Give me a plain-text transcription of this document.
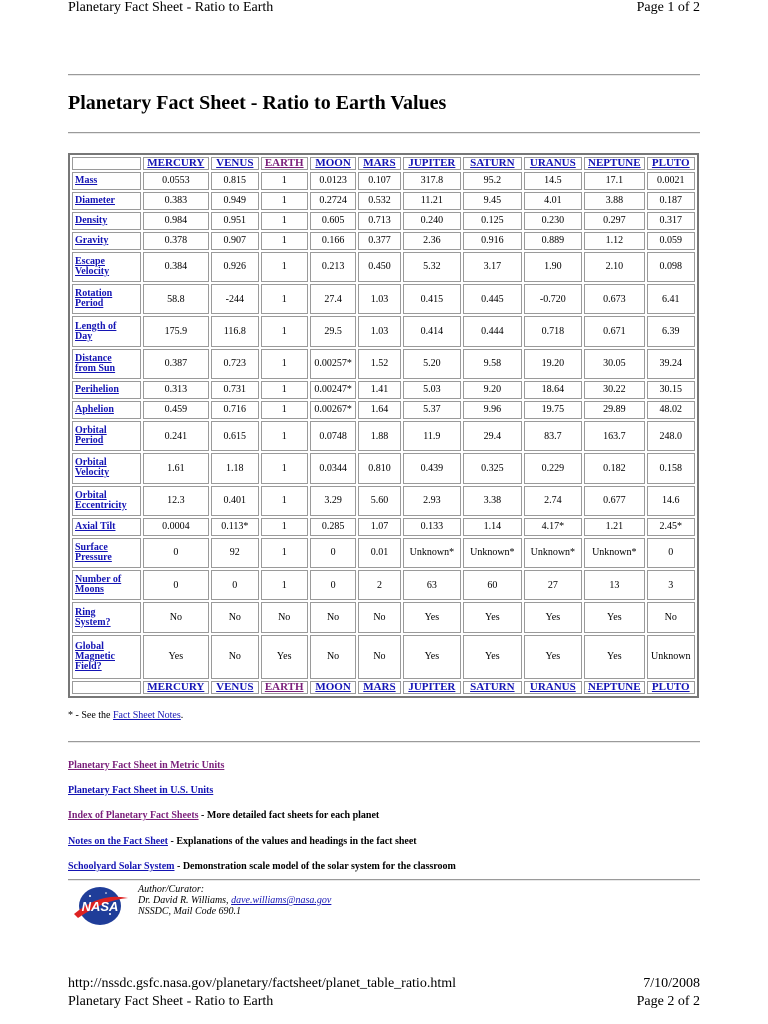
Planetary Fact Sheet - Ratio to Earth	Page 1 of 2
Planetary Fact Sheet - Ratio to Earth Values
	MERCURY	VENUS	EARTH	MOON	MARS	JUPITER	SATURN	URANUS	NEPTUNE	PLUTO
Mass	0.0553	0.815	1	0.0123	0.107	317.8	95.2	14.5	17.1	0.0021
Diameter	0.383	0.949	1	0.2724	0.532	11.21	9.45	4.01	3.88	0.187
Density	0.984	0.951	1	0.605	0.713	0.240	0.125	0.230	0.297	0.317
Gravity	0.378	0.907	1	0.166	0.377	2.36	0.916	0.889	1.12	0.059
Escape
Velocity	0.384	0.926	1	0.213	0.450	5.32	3.17	1.90	2.10	0.098
Rotation
Period	58.8	-244	1	27.4	1.03	0.415	0.445	-0.720	0.673	6.41
Length of
Day	175.9	116.8	1	29.5	1.03	0.414	0.444	0.718	0.671	6.39
Distance
from Sun	0.387	0.723	1	0.00257*	1.52	5.20	9.58	19.20	30.05	39.24
Perihelion	0.313	0.731	1	0.00247*	1.41	5.03	9.20	18.64	30.22	30.15
Aphelion	0.459	0.716	1	0.00267*	1.64	5.37	9.96	19.75	29.89	48.02
Orbital
Period	0.241	0.615	1	0.0748	1.88	11.9	29.4	83.7	163.7	248.0
Orbital
Velocity	1.61	1.18	1	0.0344	0.810	0.439	0.325	0.229	0.182	0.158
Orbital
Eccentricity	12.3	0.401	1	3.29	5.60	2.93	3.38	2.74	0.677	14.6
Axial Tilt	0.0004	0.113*	1	0.285	1.07	0.133	1.14	4.17*	1.21	2.45*
Surface
Pressure	0	92	1	0	0.01	Unknown*	Unknown*	Unknown*	Unknown*	0
Number of
Moons	0	0	1	0	2	63	60	27	13	3
Ring
System?	No	No	No	No	No	Yes	Yes	Yes	Yes	No
Global
Magnetic
Field?	Yes	No	Yes	No	No	Yes	Yes	Yes	Yes	Unknown
	MERCURY	VENUS	EARTH	MOON	MARS	JUPITER	SATURN	URANUS	NEPTUNE	PLUTO
* - See the Fact Sheet Notes.
Planetary Fact Sheet in Metric Units
Planetary Fact Sheet in U.S. Units
Index of Planetary Fact Sheets - More detailed fact sheets for each planet
Notes on the Fact Sheet - Explanations of the values and headings in the fact sheet
Schoolyard Solar System - Demonstration scale model of the solar system for the classroom
NASA
Author/Curator:
Dr. David R. Williams, dave.williams@nasa.gov
NSSDC, Mail Code 690.1
http://nssdc.gsfc.nasa.gov/planetary/factsheet/planet_table_ratio.html	7/10/2008
Planetary Fact Sheet - Ratio to Earth	Page 2 of 2
